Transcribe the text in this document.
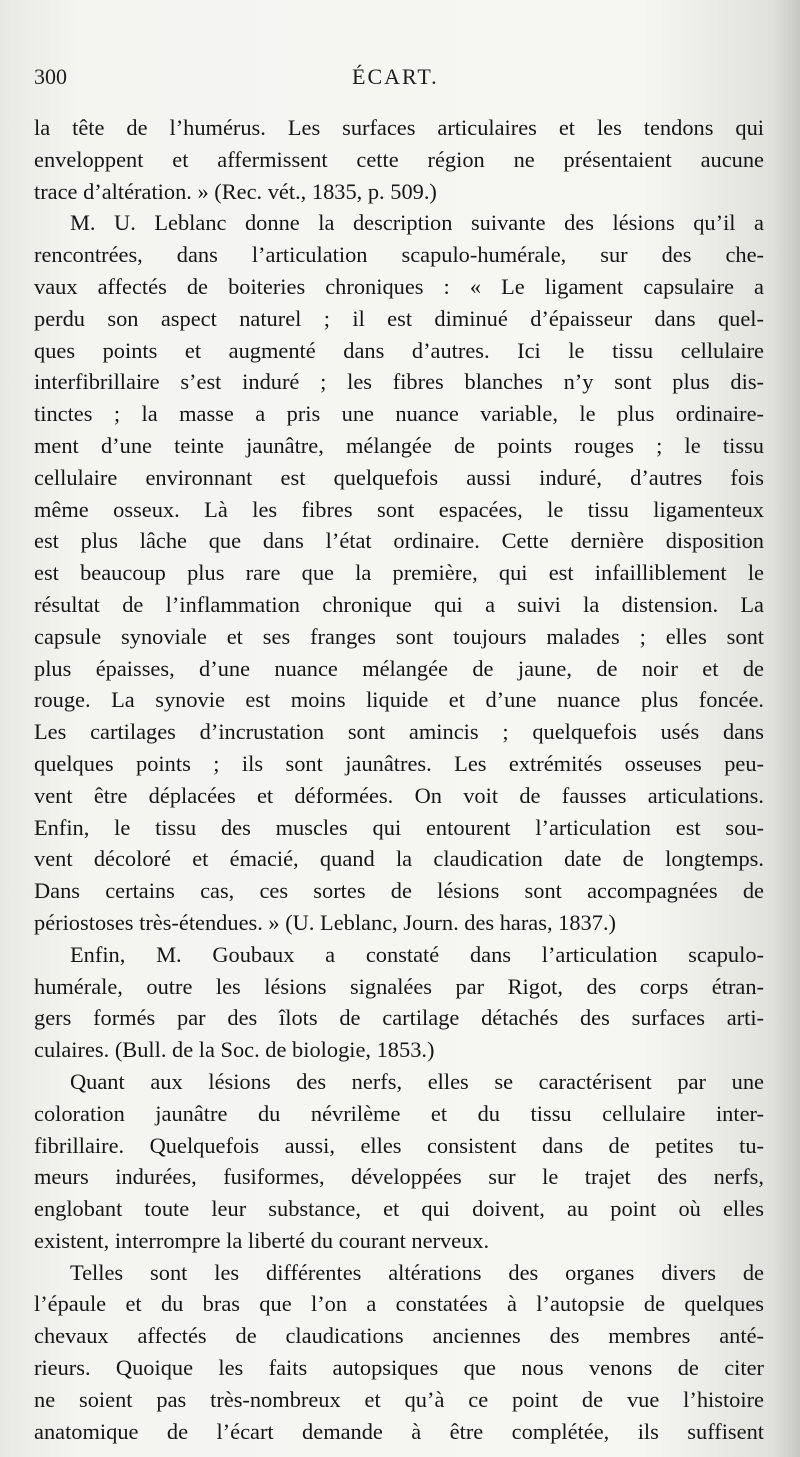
300	ÉCART.
la tête de l’humérus. Les surfaces articulaires et les tendons qui
enveloppent et affermissent cette région ne présentaient aucune
trace d’altération. » (Rec. vét., 1835, p. 509.)
M. U. Leblanc donne la description suivante des lésions qu’il a
rencontrées, dans l’articulation scapulo-humérale, sur des che-
vaux affectés de boiteries chroniques : « Le ligament capsulaire a
perdu son aspect naturel ; il est diminué d’épaisseur dans quel-
ques points et augmenté dans d’autres. Ici le tissu cellulaire
interfibrillaire s’est induré ; les fibres blanches n’y sont plus dis-
tinctes ; la masse a pris une nuance variable, le plus ordinaire-
ment d’une teinte jaunâtre, mélangée de points rouges ; le tissu
cellulaire environnant est quelquefois aussi induré, d’autres fois
même osseux. Là les fibres sont espacées, le tissu ligamenteux
est plus lâche que dans l’état ordinaire. Cette dernière disposition
est beaucoup plus rare que la première, qui est infailliblement le
résultat de l’inflammation chronique qui a suivi la distension. La
capsule synoviale et ses franges sont toujours malades ; elles sont
plus épaisses, d’une nuance mélangée de jaune, de noir et de
rouge. La synovie est moins liquide et d’une nuance plus foncée.
Les cartilages d’incrustation sont amincis ; quelquefois usés dans
quelques points ; ils sont jaunâtres. Les extrémités osseuses peu-
vent être déplacées et déformées. On voit de fausses articulations.
Enfin, le tissu des muscles qui entourent l’articulation est sou-
vent décoloré et émacié, quand la claudication date de longtemps.
Dans certains cas, ces sortes de lésions sont accompagnées de
périostoses très-étendues. » (U. Leblanc, Journ. des haras, 1837.)
Enfin, M. Goubaux a constaté dans l’articulation scapulo-
humérale, outre les lésions signalées par Rigot, des corps étran-
gers formés par des îlots de cartilage détachés des surfaces arti-
culaires. (Bull. de la Soc. de biologie, 1853.)
Quant aux lésions des nerfs, elles se caractérisent par une
coloration jaunâtre du névrilème et du tissu cellulaire inter-
fibrillaire. Quelquefois aussi, elles consistent dans de petites tu-
meurs indurées, fusiformes, développées sur le trajet des nerfs,
englobant toute leur substance, et qui doivent, au point où elles
existent, interrompre la liberté du courant nerveux.
Telles sont les différentes altérations des organes divers de
l’épaule et du bras que l’on a constatées à l’autopsie de quelques
chevaux affectés de claudications anciennes des membres anté-
rieurs. Quoique les faits autopsiques que nous venons de citer
ne soient pas très-nombreux et qu’à ce point de vue l’histoire
anatomique de l’écart demande à être complétée, ils suffisent
